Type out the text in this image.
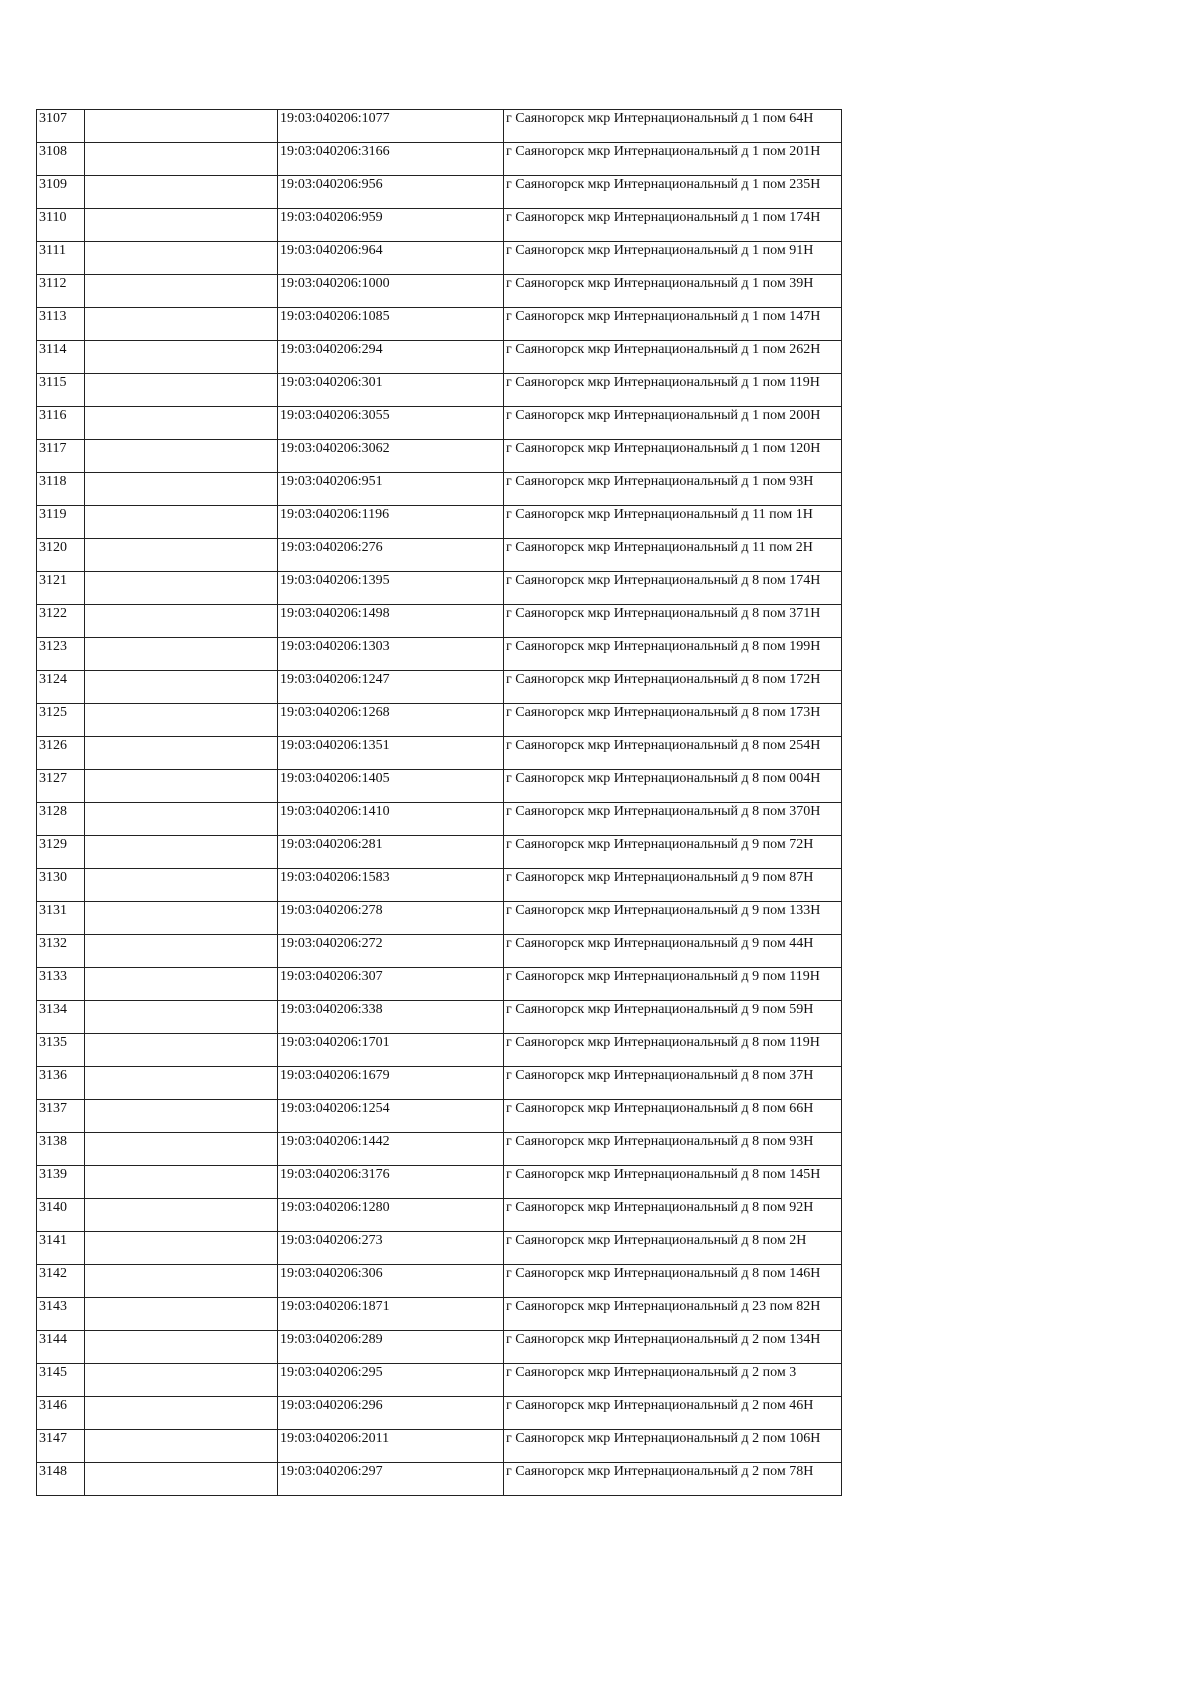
3107		19:03:040206:1077	г Саяногорск мкр Интернациональный д 1 пом 64Н
3108		19:03:040206:3166	г Саяногорск мкр Интернациональный д 1 пом 201Н
3109		19:03:040206:956	г Саяногорск мкр Интернациональный д 1 пом 235Н
3110		19:03:040206:959	г Саяногорск мкр Интернациональный д 1 пом 174Н
3111		19:03:040206:964	г Саяногорск мкр Интернациональный д 1 пом 91Н
3112		19:03:040206:1000	г Саяногорск мкр Интернациональный д 1 пом 39Н
3113		19:03:040206:1085	г Саяногорск мкр Интернациональный д 1 пом 147Н
3114		19:03:040206:294	г Саяногорск мкр Интернациональный д 1 пом 262Н
3115		19:03:040206:301	г Саяногорск мкр Интернациональный д 1 пом 119Н
3116		19:03:040206:3055	г Саяногорск мкр Интернациональный д 1 пом 200Н
3117		19:03:040206:3062	г Саяногорск мкр Интернациональный д 1 пом 120Н
3118		19:03:040206:951	г Саяногорск мкр Интернациональный д 1 пом 93Н
3119		19:03:040206:1196	г Саяногорск мкр Интернациональный д 11 пом 1Н
3120		19:03:040206:276	г Саяногорск мкр Интернациональный д 11 пом 2Н
3121		19:03:040206:1395	г Саяногорск мкр Интернациональный д 8 пом 174Н
3122		19:03:040206:1498	г Саяногорск мкр Интернациональный д 8 пом 371Н
3123		19:03:040206:1303	г Саяногорск мкр Интернациональный д 8 пом 199Н
3124		19:03:040206:1247	г Саяногорск мкр Интернациональный д 8 пом 172Н
3125		19:03:040206:1268	г Саяногорск мкр Интернациональный д 8 пом 173Н
3126		19:03:040206:1351	г Саяногорск мкр Интернациональный д 8 пом 254Н
3127		19:03:040206:1405	г Саяногорск мкр Интернациональный д 8 пом 004Н
3128		19:03:040206:1410	г Саяногорск мкр Интернациональный д 8 пом 370Н
3129		19:03:040206:281	г Саяногорск мкр Интернациональный д 9 пом 72Н
3130		19:03:040206:1583	г Саяногорск мкр Интернациональный д 9 пом 87Н
3131		19:03:040206:278	г Саяногорск мкр Интернациональный д 9 пом 133Н
3132		19:03:040206:272	г Саяногорск мкр Интернациональный д 9 пом 44Н
3133		19:03:040206:307	г Саяногорск мкр Интернациональный д 9 пом 119Н
3134		19:03:040206:338	г Саяногорск мкр Интернациональный д 9 пом 59Н
3135		19:03:040206:1701	г Саяногорск мкр Интернациональный д 8 пом 119Н
3136		19:03:040206:1679	г Саяногорск мкр Интернациональный д 8 пом 37Н
3137		19:03:040206:1254	г Саяногорск мкр Интернациональный д 8 пом 66Н
3138		19:03:040206:1442	г Саяногорск мкр Интернациональный д 8 пом 93Н
3139		19:03:040206:3176	г Саяногорск мкр Интернациональный д 8 пом 145Н
3140		19:03:040206:1280	г Саяногорск мкр Интернациональный д 8 пом 92Н
3141		19:03:040206:273	г Саяногорск мкр Интернациональный д 8 пом 2Н
3142		19:03:040206:306	г Саяногорск мкр Интернациональный д 8 пом 146Н
3143		19:03:040206:1871	г Саяногорск мкр Интернациональный д 23 пом 82Н
3144		19:03:040206:289	г Саяногорск мкр Интернациональный д 2 пом 134Н
3145		19:03:040206:295	г Саяногорск мкр Интернациональный д 2 пом 3
3146		19:03:040206:296	г Саяногорск мкр Интернациональный д 2 пом 46Н
3147		19:03:040206:2011	г Саяногорск мкр Интернациональный д 2 пом 106Н
3148		19:03:040206:297	г Саяногорск мкр Интернациональный д 2 пом 78Н
